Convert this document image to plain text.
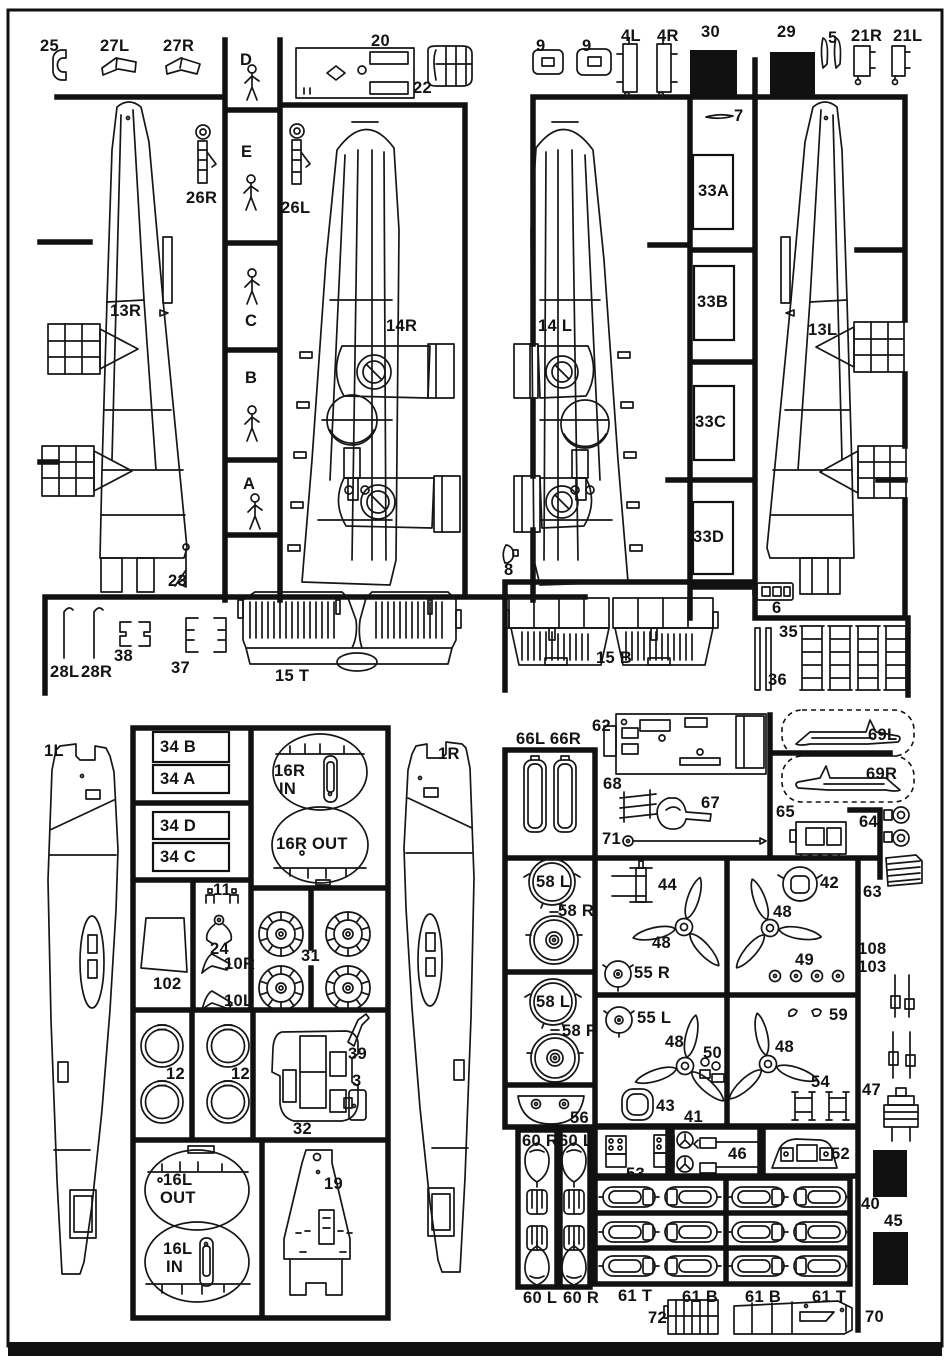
25 27L 27R
D
20
22
9 9
4L 4R 30	29 5 21R 21L
26R
E
13R
C
B
A
23
26L
14R	14 L
8
7
33A
33B
33C
33D
13L
6
28L 28R
38
37	15 T
15 B
35
36
1L	1R
34 B
34 A
34 D
34 C
16R
IN
16R OUT
11
24
10R
10L
102
31
12	12
39
3
32
16L
OUT
16L
IN
19
66L 66R
62
68
67
71
69L
69R
65
64
58 L
58 R
58 L
58 R
56
44
48
55 R
42
48
49
63
108
103
55 L
48
50
43
59
48
54 47
41
60 R 60 L
53
46	52
40
45
60 L 60 R 61 T 61 B 61 B 61 T
72	70
